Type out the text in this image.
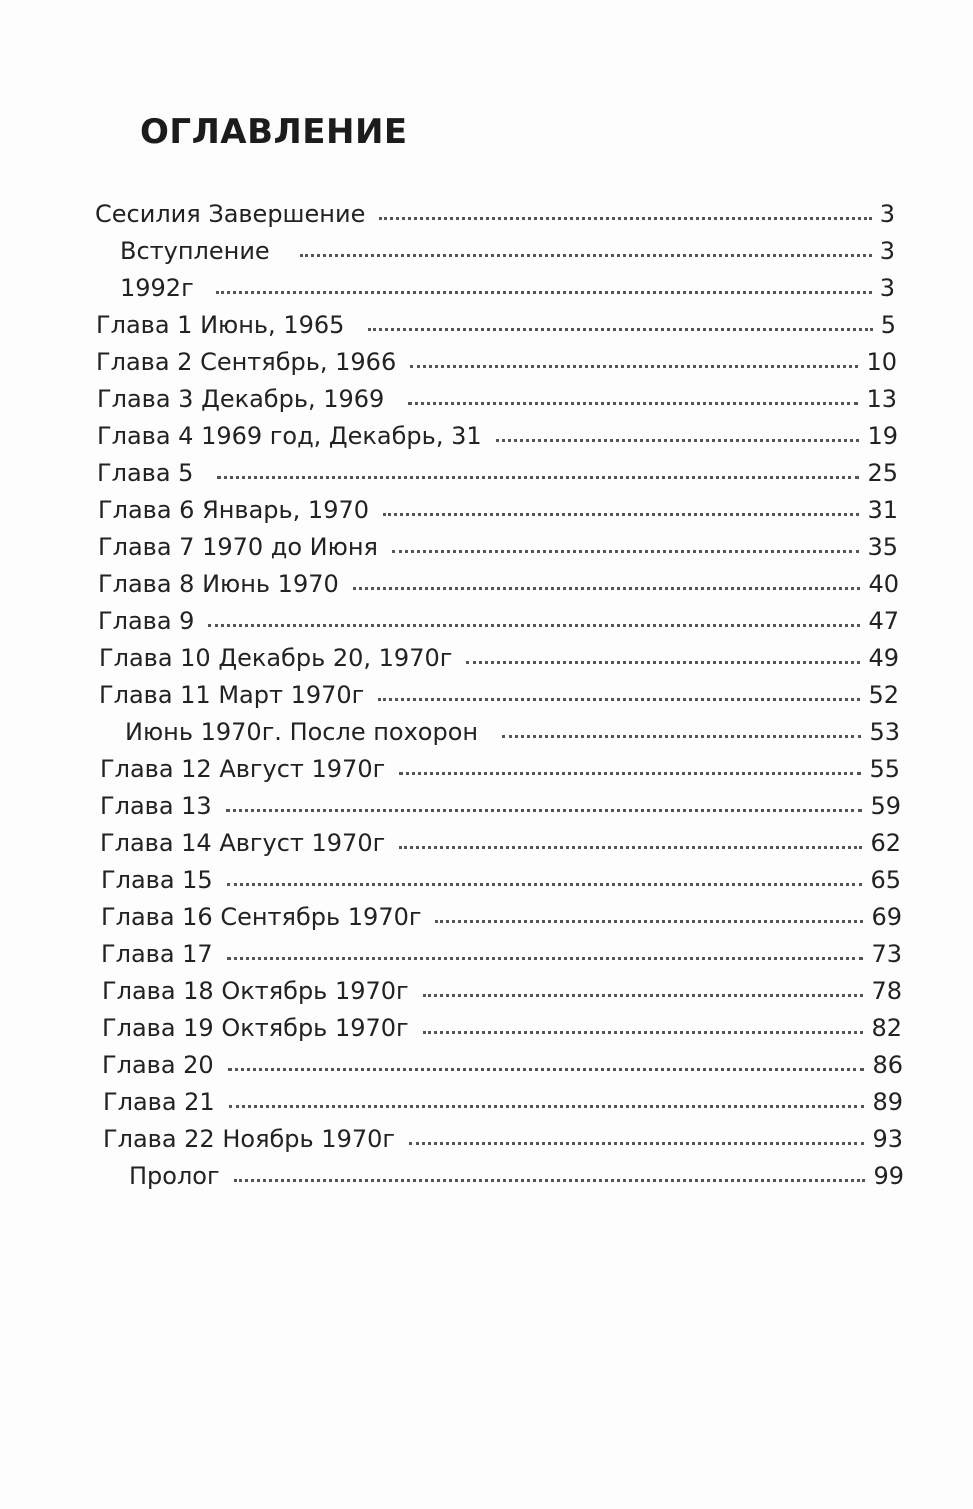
ОГЛАВЛЕНИЕ
Сесилия Завершение	3
Вступление	3
1992г	3
Глава 1 Июнь, 1965	5
Глава 2 Сентябрь, 1966	10
Глава 3 Декабрь, 1969	13
Глава 4 1969 год, Декабрь, 31	19
Глава 5	25
Глава 6 Январь, 1970	31
Глава 7 1970 до Июня	35
Глава 8 Июнь 1970	40
Глава 9	47
Глава 10 Декабрь 20, 1970г	49
Глава 11 Март 1970г	52
Июнь 1970г. После похорон	53
Глава 12 Август 1970г	55
Глава 13	59
Глава 14 Август 1970г	62
Глава 15	65
Глава 16 Сентябрь 1970г	69
Глава 17	73
Глава 18 Октябрь 1970г	78
Глава 19 Октябрь 1970г	82
Глава 20	86
Глава 21	89
Глава 22 Ноябрь 1970г	93
Пролог	99
